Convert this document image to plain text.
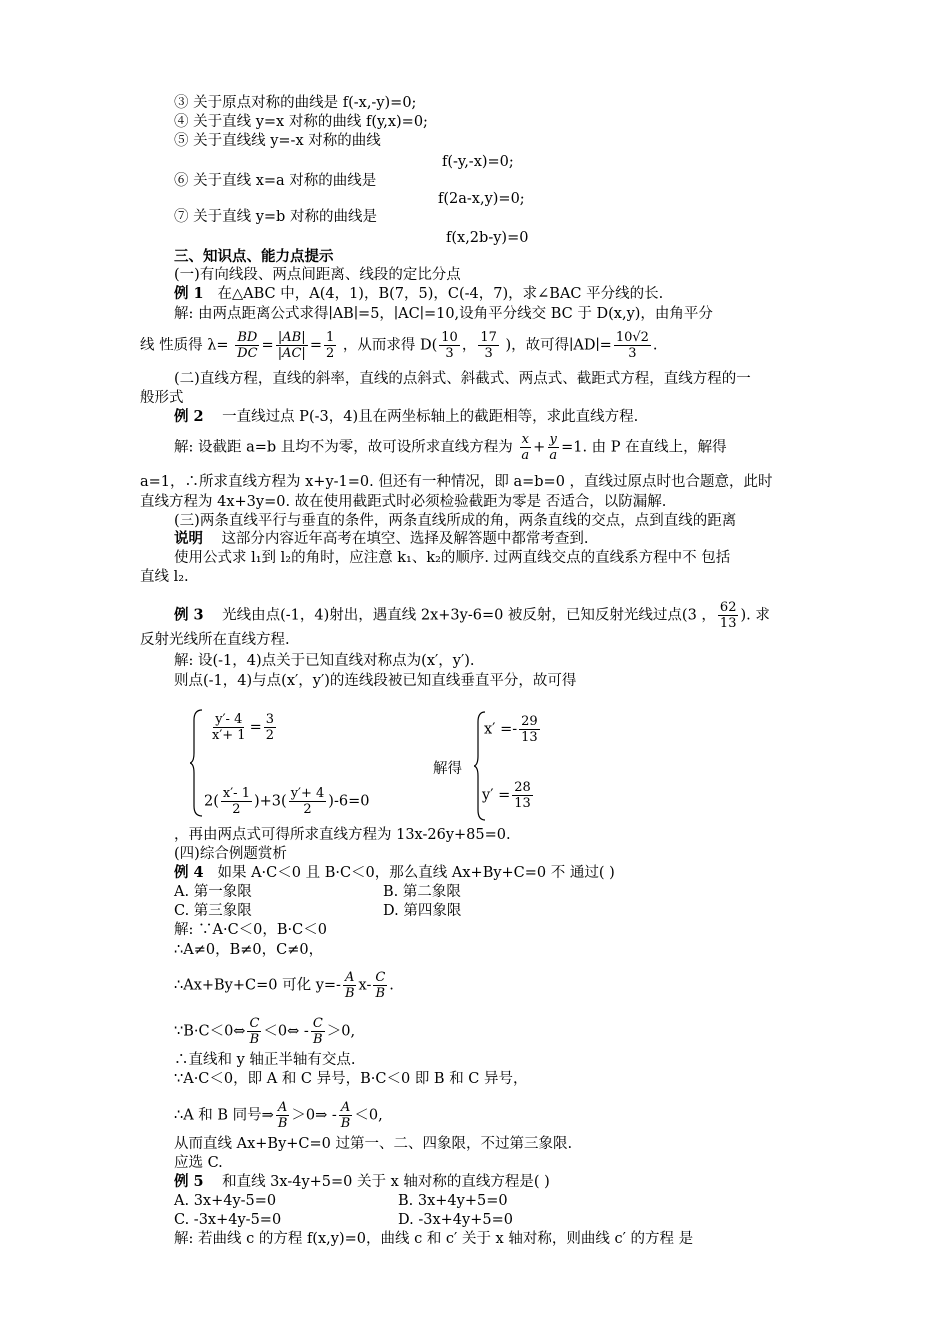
③ 关于原点对称的曲线是 f(-x,-y)=0;
④ 关于直线 y=x 对称的曲线 f(y,x)=0;
⑤ 关于直线线 y=-x 对称的曲线
f(-y,-x)=0;
⑥ 关于直线 x=a 对称的曲线是
f(2a-x,y)=0;
⑦ 关于直线 y=b 对称的曲线是
f(x,2b-y)=0
三、知识点、能力点提示
(一)有向线段、两点间距离、线段的定比分点
例 1 在△ABC 中，A(4，1)，B(7，5)，C(-4，7)，求∠BAC 平分线的长.
解: 由两点距离公式求得∣AB∣=5，∣AC∣=10,设角平分线交 BC 于 D(x,y)，由角平分
线 性质得 $\lambda= \frac{BD}{DC} = \frac{|AB|}{|AC|} = \frac{1}{2}$ ，从而求得 $D( \frac{10}{3}$ ， $\frac{17}{3}$ )，故可得∣AD∣= $\frac{10√2}{3}$ .
(二)直线方程，直线的斜率，直线的点斜式、斜截式、两点式、截距式方程，直线方程的一
般形式
例 2 一直线过点 P(-3，4)且在两坐标轴上的截距相等，求此直线方程.
解: 设截距 a=b 且均不为零，故可设所求直线方程为 $\frac{x}{a} + \frac{y}{a} =1$. 由 P 在直线上，解得
a=1，∴所求直线方程为 x+y-1=0. 但还有一种情况，即 a=b=0 ，直线过原点时也合题意，此时
直线方程为 4x+3y=0. 故在使用截距式时必须检验截距为零是 否适合，以防漏解.
(三)两条直线平行与垂直的条件，两条直线所成的角，两条直线的交点，点到直线的距离
说明 这部分内容近年高考在填空、选择及解答题中都常考查到.
使用公式求 l₁到 l₂的角时，应注意 k₁、k₂的顺序. 过两直线交点的直线系方程中不 包括
直线 l₂.
例 3 光线由点(-1，4)射出，遇直线 2x+3y-6=0 被反射，已知反射光线过点(3 ， $\frac{62}{13}$ ). 求
反射光线所在直线方程.
解: 设(-1，4)点关于已知直线对称点为(x′，y′).
则点(-1，4)与点(x′，y′)的连线段被已知直线垂直平分，故可得
$\frac{y'- 4}{x'+ 1} = \frac{3}{2}$
$2( \frac{x'- 1}{2} )+3( \frac{y'+ 4}{2} )-6=0$
解得
$x' =- \frac{29}{13}$
$y' = \frac{28}{13}$
，再由两点式可得所求直线方程为 13x-26y+85=0.
(四)综合例题赏析
例 4 如果 A·C＜0 且 B·C＜0，那么直线 Ax+By+C=0 不 通过( )
A. 第一象限	B. 第二象限
C. 第三象限	D. 第四象限
解: ∵A·C＜0，B·C＜0
∴A≠0，B≠0，C≠0，
∴Ax+By+C=0 可化 $y=- \frac{A}{B} x- \frac{C}{B}$ .
∵B·C＜0⇔ $\frac{C}{B}$ ＜0⇔ - $\frac{C}{B} >0$,
∴直线和 y 轴正半轴有交点.
∵A·C＜0，即 A 和 C 异号，B·C＜0 即 B 和 C 异号，
∴A 和 B 同号⇒ $\frac{A}{B}$ ＞0⇒ - $\frac{A}{B} <0$,
从而直线 Ax+By+C=0 过第一、二、四象限，不过第三象限.
应选 C.
例 5 和直线 3x-4y+5=0 关于 x 轴对称的直线方程是( )
A. 3x+4y-5=0	B. 3x+4y+5=0
C. -3x+4y-5=0	D. -3x+4y+5=0
解: 若曲线 c 的方程 f(x,y)=0，曲线 c 和 c′ 关于 x 轴对称，则曲线 c′ 的方程 是
